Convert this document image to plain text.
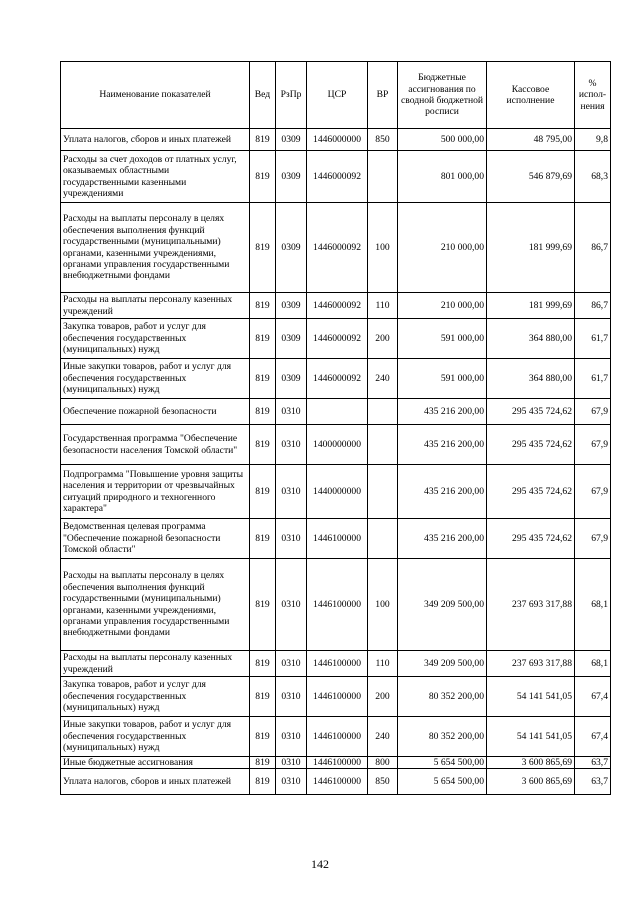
Наименование показателей	Вед	РзПр	ЦСР	ВР	Бюджетные ассигнования по сводной бюджетной росписи	Кассовое исполнение	% испол-нения
Уплата налогов, сборов и иных платежей	819	0309	1446000000	850	500 000,00	48 795,00	9,8
Расходы за счет доходов от платных услуг, оказываемых областными государственными казенными учреждениями	819	0309	1446000092		801 000,00	546 879,69	68,3
Расходы на выплаты персоналу в целях обеспечения выполнения функций государственными (муниципальными) органами, казенными учреждениями, органами управления государственными внебюджетными фондами	819	0309	1446000092	100	210 000,00	181 999,69	86,7
Расходы на выплаты персоналу казенных учреждений	819	0309	1446000092	110	210 000,00	181 999,69	86,7
Закупка товаров, работ и услуг для обеспечения государственных (муниципальных) нужд	819	0309	1446000092	200	591 000,00	364 880,00	61,7
Иные закупки товаров, работ и услуг для обеспечения государственных (муниципальных) нужд	819	0309	1446000092	240	591 000,00	364 880,00	61,7
Обеспечение пожарной безопасности	819	0310			435 216 200,00	295 435 724,62	67,9
Государственная программа "Обеспечение безопасности населения Томской области"	819	0310	1400000000		435 216 200,00	295 435 724,62	67,9
Подпрограмма "Повышение уровня защиты населения и территории от чрезвычайных ситуаций природного и техногенного характера"	819	0310	1440000000		435 216 200,00	295 435 724,62	67,9
Ведомственная целевая программа "Обеспечение пожарной безопасности Томской области"	819	0310	1446100000		435 216 200,00	295 435 724,62	67,9
Расходы на выплаты персоналу в целях обеспечения выполнения функций государственными (муниципальными) органами, казенными учреждениями, органами управления государственными внебюджетными фондами	819	0310	1446100000	100	349 209 500,00	237 693 317,88	68,1
Расходы на выплаты персоналу казенных учреждений	819	0310	1446100000	110	349 209 500,00	237 693 317,88	68,1
Закупка товаров, работ и услуг для обеспечения государственных (муниципальных) нужд	819	0310	1446100000	200	80 352 200,00	54 141 541,05	67,4
Иные закупки товаров, работ и услуг для обеспечения государственных (муниципальных) нужд	819	0310	1446100000	240	80 352 200,00	54 141 541,05	67,4
Иные бюджетные ассигнования	819	0310	1446100000	800	5 654 500,00	3 600 865,69	63,7
Уплата налогов, сборов и иных платежей	819	0310	1446100000	850	5 654 500,00	3 600 865,69	63,7
142
